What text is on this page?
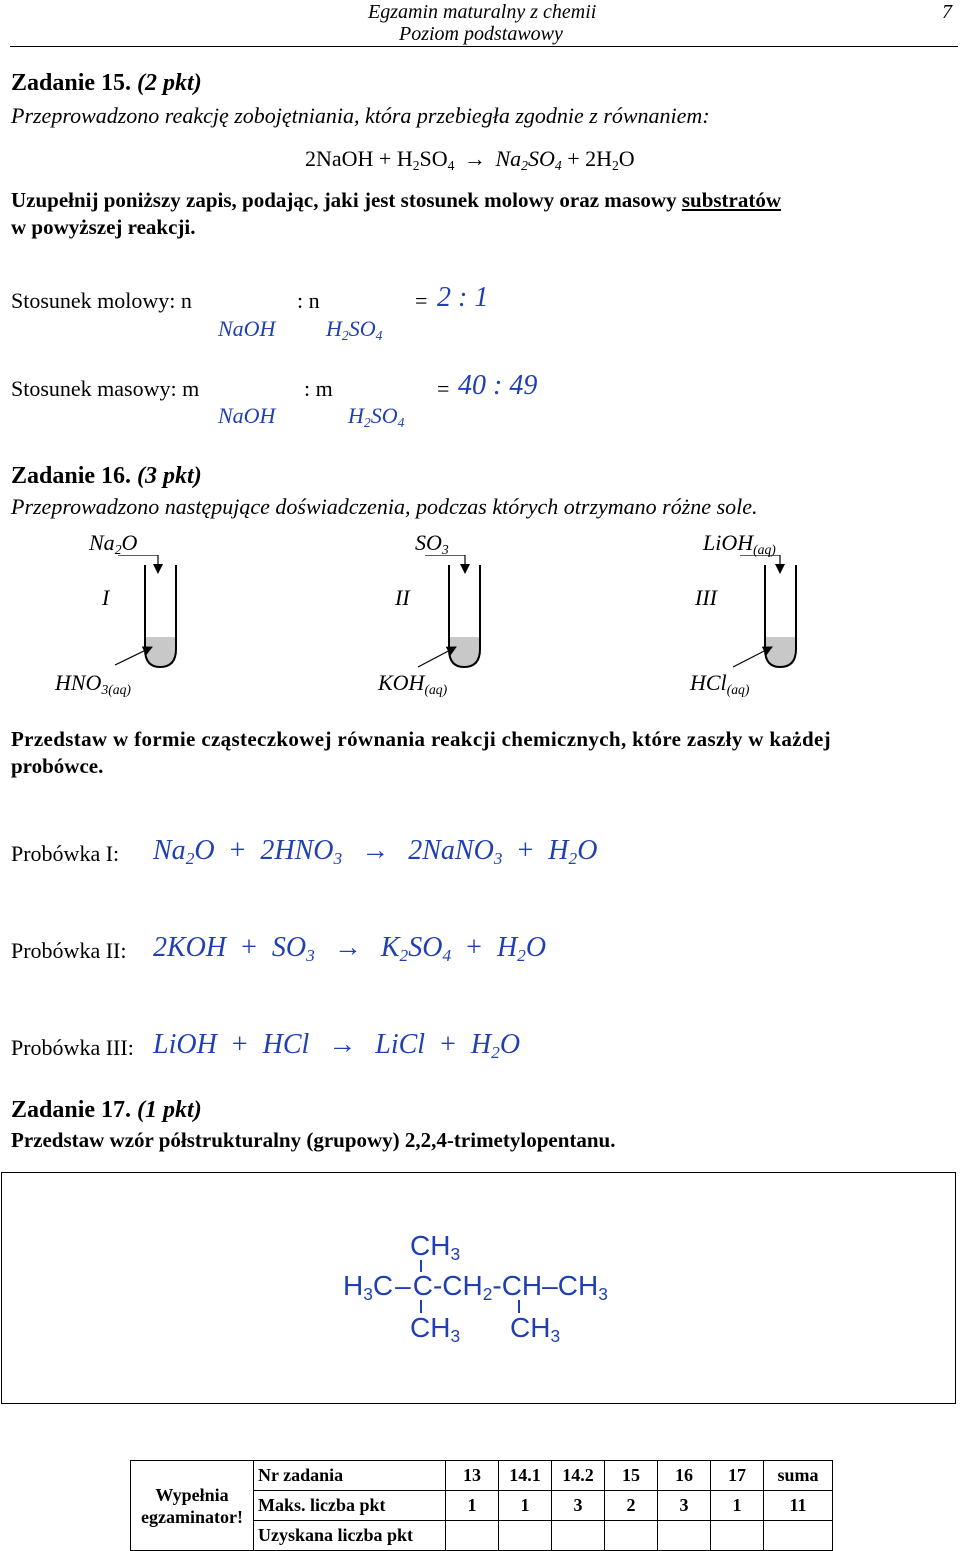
Egzamin maturalny z chemii
Poziom podstawowy
7
Zadanie 15. (2 pkt)
Przeprowadzono reakcję zobojętniania, która przebiegła zgodnie z równaniem:
2NaOH + $H_2SO_4 \to Na_2SO_4 + 2H_2O$
Uzupełnij poniższy zapis, podając, jaki jest stosunek molowy oraz masowy substratów
w powyższej reakcji.
Stosunek molowy: n	: n	= 2 : 1
NaOH $H_2SO_4$
Stosunek masowy: m	: m	= 40 : 49
NaOH	$H_2SO_4$
Zadanie 16. (3 pkt)
Przeprowadzono następujące doświadczenia, podczas których otrzymano różne sole.
$Na_2O$	$SO_3$	LiOH$_{(aq)}$
I	II	III
$HNO_{3(aq)}$	$KOH_{(aq)}$	HCl$_{(aq)}$
Przedstaw w formie cząsteczkowej równania reakcji chemicznych, które zaszły w każdej
probówce.
Probówka I: $Na_2O + 2HNO_3$ → 2NaNO$_3$ + $H_2O$
Probówka II: $2KOH + SO_3 \to K_2SO_4 + H_2O$
Probówka III: LiOH + HCl → LiCl + $H_2O$
Zadanie 17. (1 pkt)
Przedstaw wzór półstrukturalny (grupowy) 2,2,4-trimetylopentanu.
$CH_3$
$H_3C-C-CH_2-CH-CH_3$
$CH_3$ $CH_3$
Wypełnia
egzaminator!	Nr zadania	13	14.1	14.2	15	16	17	suma
	Maks. liczba pkt	1	1	3	2	3	1	11
	Uzyskana liczba pkt							
